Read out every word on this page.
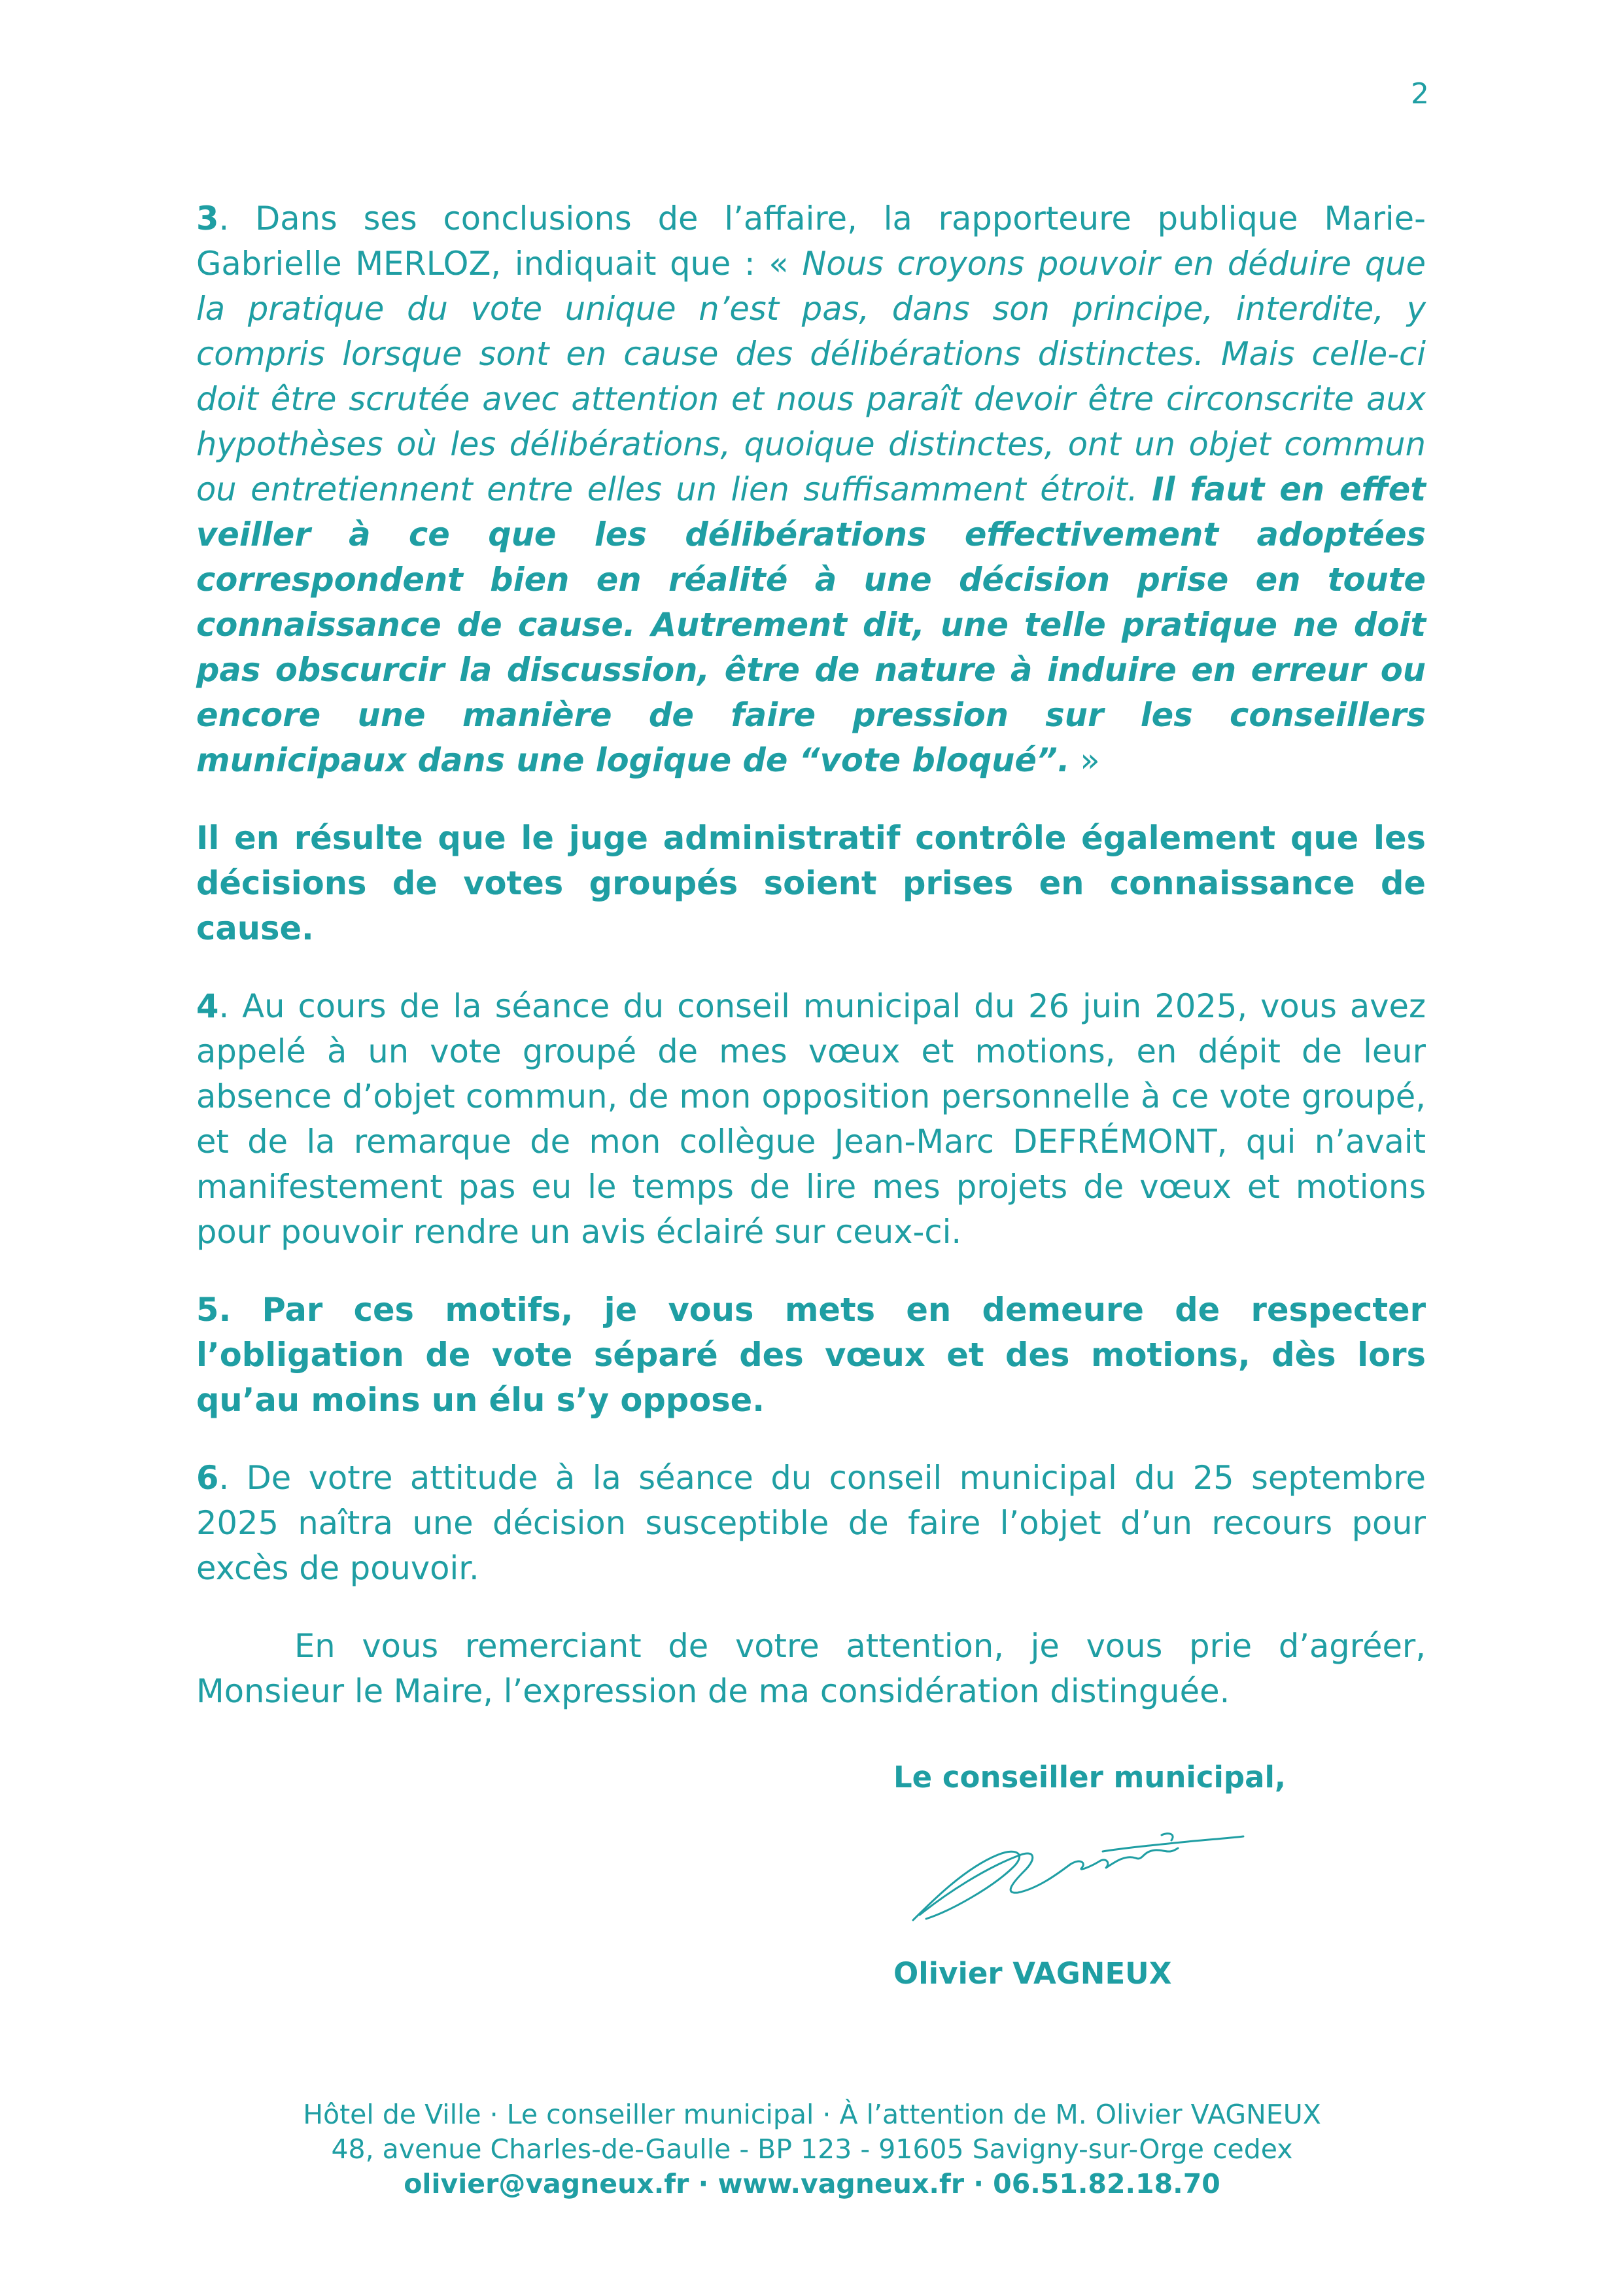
2

3. Dans ses conclusions de l’affaire, la rapporteure publique Marie-Gabrielle MERLOZ, indiquait que : « Nous croyons pouvoir en déduire que la pratique du vote unique n’est pas, dans son principe, interdite, y compris lorsque sont en cause des délibérations distinctes. Mais celle-ci doit être scrutée avec attention et nous paraît devoir être circonscrite aux hypothèses où les délibérations, quoique distinctes, ont un objet commun ou entretiennent entre elles un lien suffisamment étroit. Il faut en effet veiller à ce que les délibérations effectivement adoptées correspondent bien en réalité à une décision prise en toute connaissance de cause. Autrement dit, une telle pratique ne doit pas obscurcir la discussion, être de nature à induire en erreur ou encore une manière de faire pression sur les conseillers municipaux dans une logique de “vote bloqué”. »

Il en résulte que le juge administratif contrôle également que les décisions de votes groupés soient prises en connaissance de cause.

4. Au cours de la séance du conseil municipal du 26 juin 2025, vous avez appelé à un vote groupé de mes vœux et motions, en dépit de leur absence d’objet commun, de mon opposition personnelle à ce vote groupé, et de la remarque de mon collègue Jean-Marc DEFRÉMONT, qui n’avait manifestement pas eu le temps de lire mes projets de vœux et motions pour pouvoir rendre un avis éclairé sur ceux-ci.

5. Par ces motifs, je vous mets en demeure de respecter l’obligation de vote séparé des vœux et des motions, dès lors qu’au moins un élu s’y oppose.

6. De votre attitude à la séance du conseil municipal du 25 septembre 2025 naîtra une décision susceptible de faire l’objet d’un recours pour excès de pouvoir.

En vous remerciant de votre attention, je vous prie d’agréer, Monsieur le Maire, l’expression de ma considération distinguée.

Le conseiller municipal,
Olivier VAGNEUX
Hôtel de Ville · Le conseiller municipal · À l’attention de M. Olivier VAGNEUX
48, avenue Charles-de-Gaulle - BP 123 - 91605 Savigny-sur-Orge cedex
olivier@vagneux.fr · www.vagneux.fr · 06.51.82.18.70
